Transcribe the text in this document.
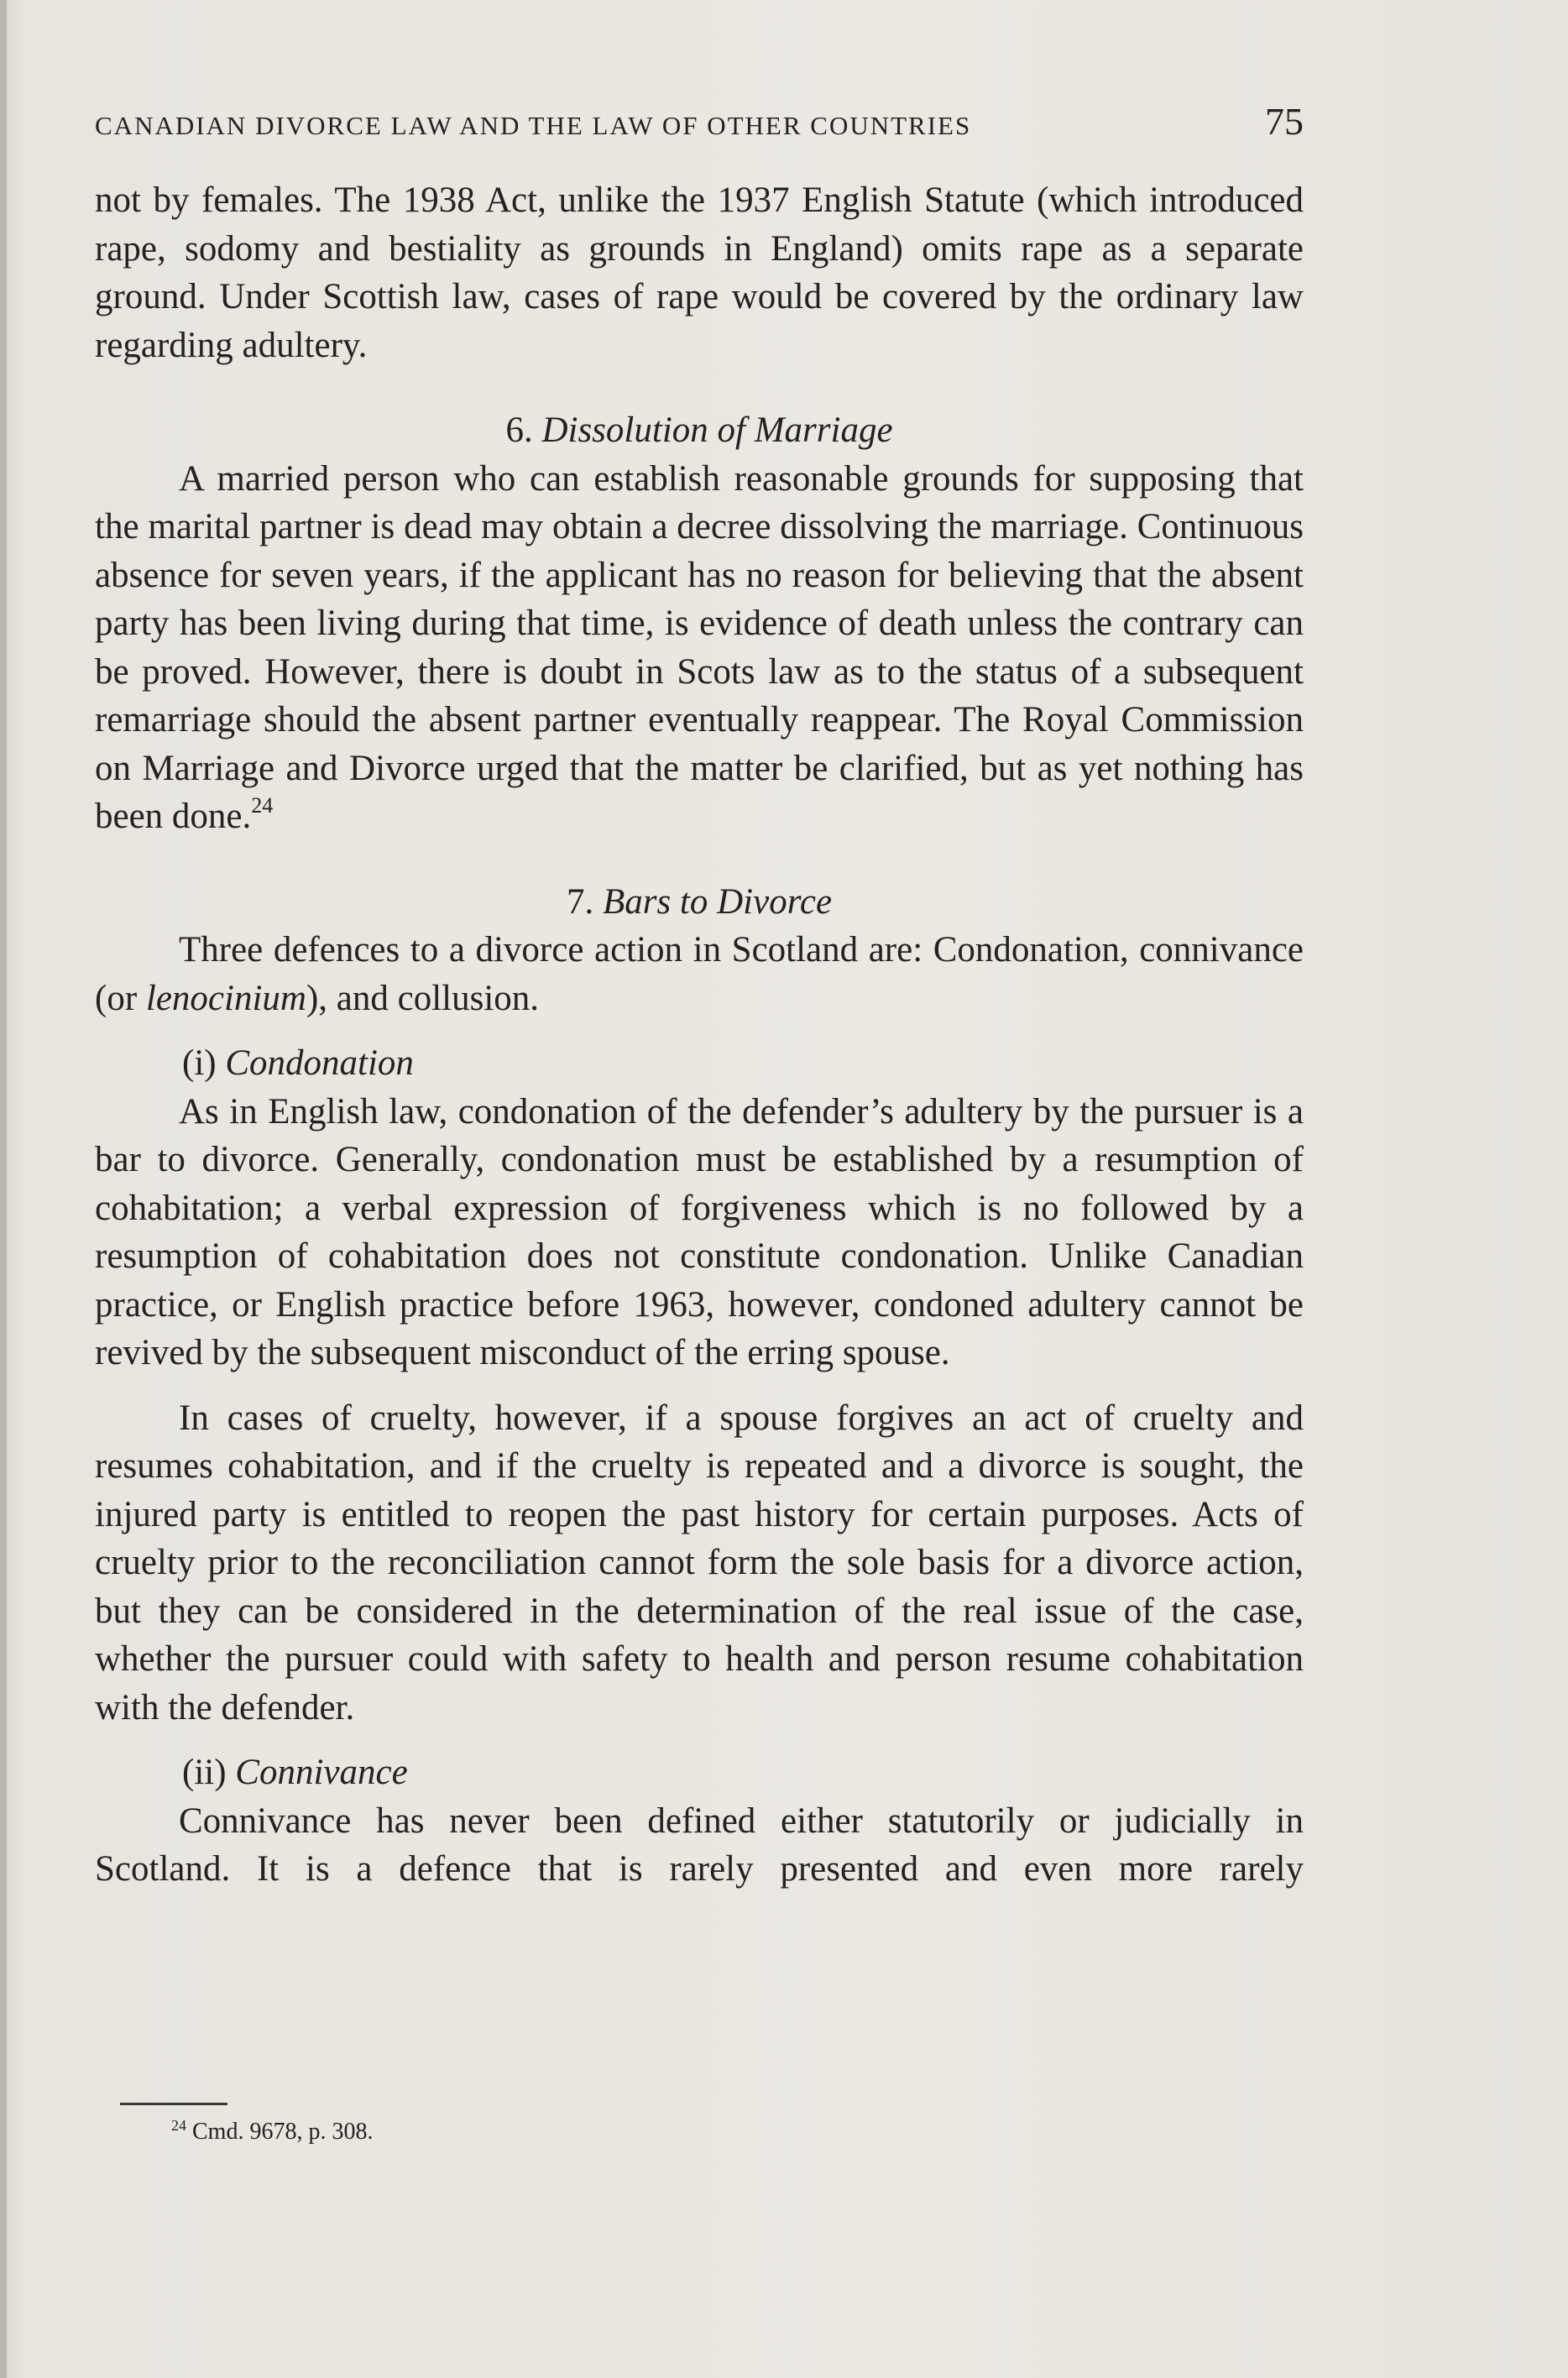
CANADIAN DIVORCE LAW AND THE LAW OF OTHER COUNTRIES	75

not by females. The 1938 Act, unlike the 1937 English Statute (which introduced rape, sodomy and bestiality as grounds in England) omits rape as a separate ground. Under Scottish law, cases of rape would be covered by the ordinary law regarding adultery.

6. Dissolution of Marriage

A married person who can establish reasonable grounds for supposing that the marital partner is dead may obtain a decree dissolving the marriage. Continuous absence for seven years, if the applicant has no reason for believing that the absent party has been living during that time, is evidence of death unless the contrary can be proved. However, there is doubt in Scots law as to the status of a subsequent remarriage should the absent partner eventually reappear. The Royal Commission on Marriage and Divorce urged that the matter be clarified, but as yet nothing has been done.$^{24}$

7. Bars to Divorce

Three defences to a divorce action in Scotland are: Condonation, connivance (or lenocinium), and collusion.

(i) Condonation

As in English law, condonation of the defender’s adultery by the pursuer is a bar to divorce. Generally, condonation must be established by a resumption of cohabitation; a verbal expression of forgiveness which is no followed by a resumption of cohabitation does not constitute condonation. Unlike Canadian practice, or English practice before 1963, however, condoned adultery cannot be revived by the subsequent misconduct of the erring spouse.

In cases of cruelty, however, if a spouse forgives an act of cruelty and resumes cohabitation, and if the cruelty is repeated and a divorce is sought, the injured party is entitled to reopen the past history for certain purposes. Acts of cruelty prior to the reconciliation cannot form the sole basis for a divorce action, but they can be considered in the determination of the real issue of the case, whether the pursuer could with safety to health and person resume cohabitation with the defender.

(ii) Connivance

Connivance has never been defined either statutorily or judicially in Scotland. It is a defence that is rarely presented and even more rarely

$^{24}$ Cmd. 9678, p. 308.
